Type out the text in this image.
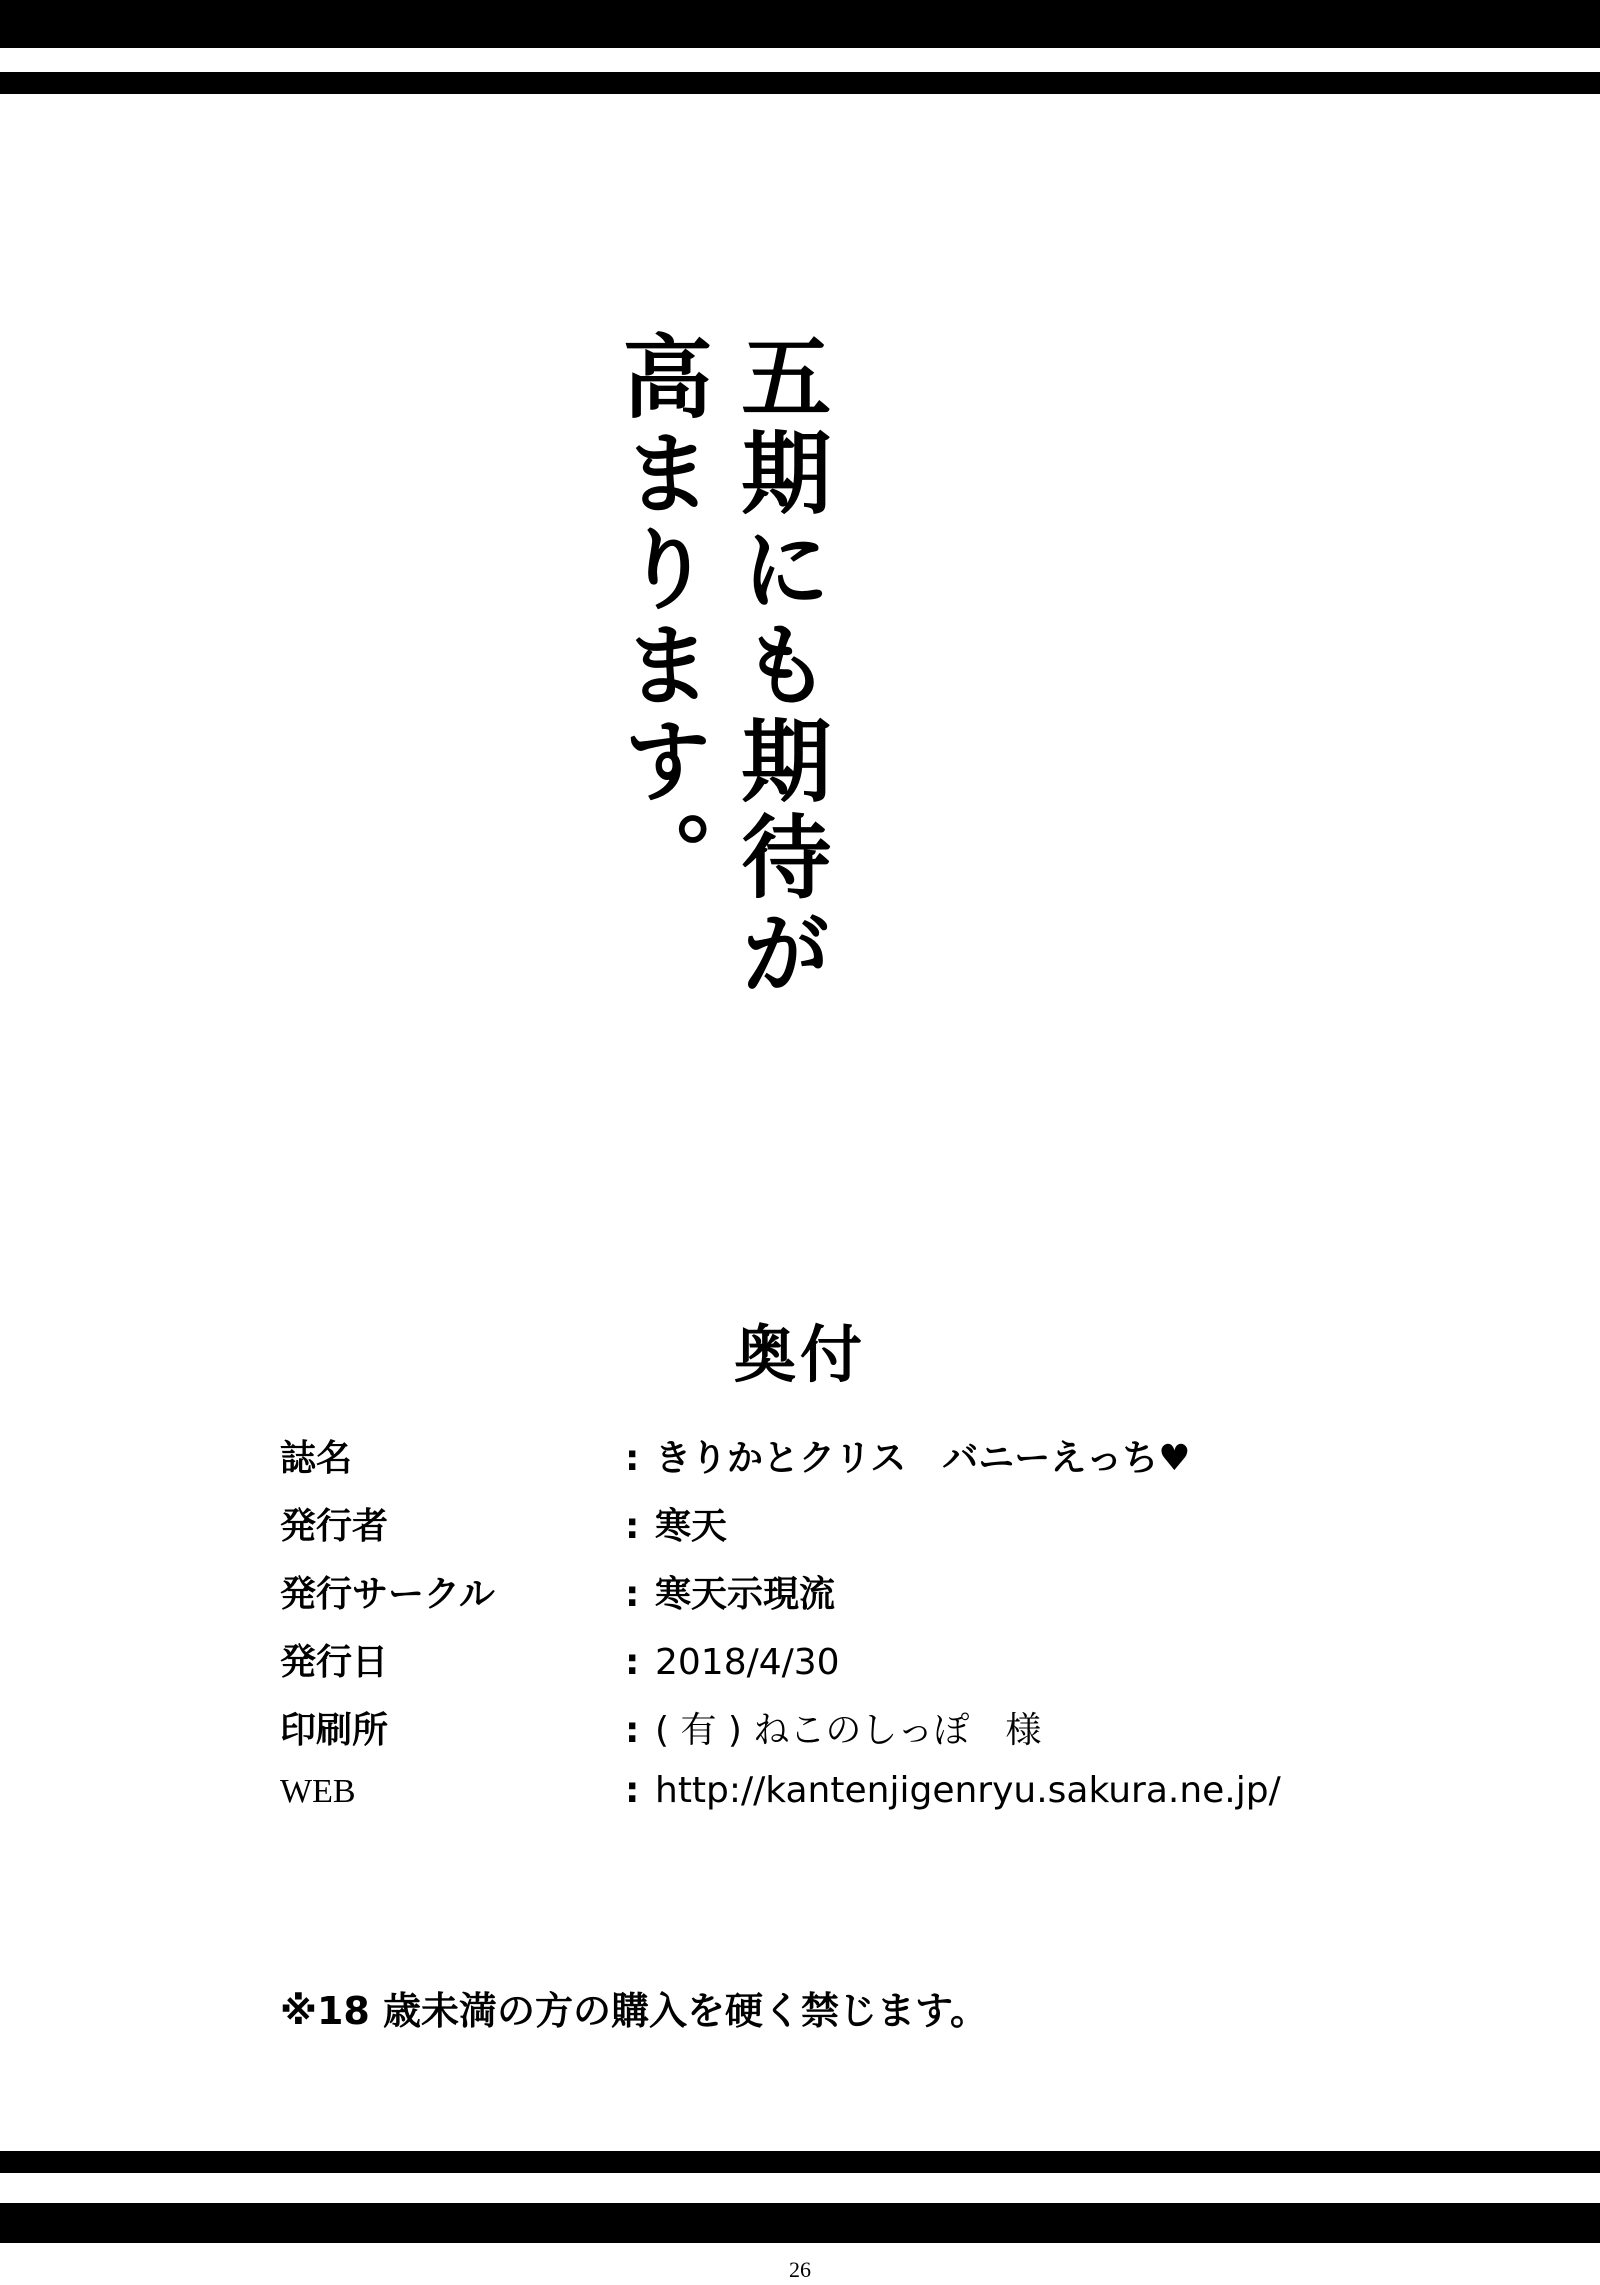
五期にも期待が高まります。
奥付
誌名	: きりかとクリス　バニーえっち♥
発行者	: 寒天
発行サークル	: 寒天示現流
発行日	: 2018/4/30
印刷所	: ( 有 ) ねこのしっぽ　様
WEB	: http://kantenjigenryu.sakura.ne.jp/
※18 歳未満の方の購入を硬く禁じます。
26
